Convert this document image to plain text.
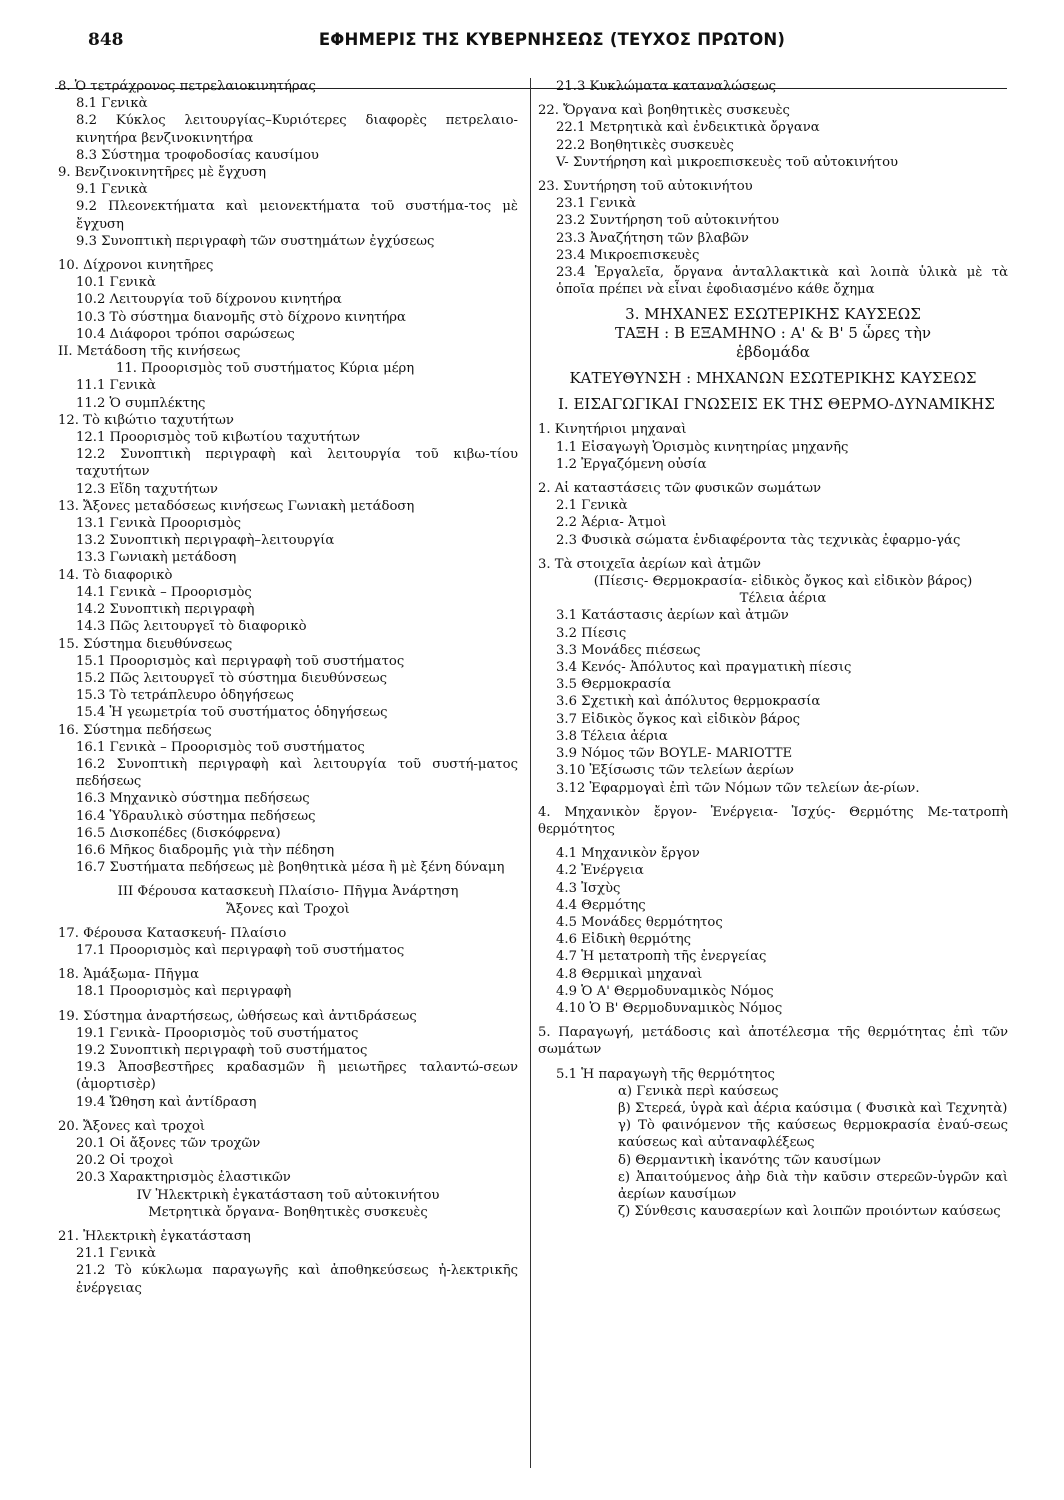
848	ΕΦΗΜΕΡΙΣ ΤΗΣ ΚΥΒΕΡΝΗΣΕΩΣ (ΤΕΥΧΟΣ ΠΡΩΤΟΝ)
8. Ὁ τετράχρονος πετρελαιοκινητήρας
8.1 Γενικὰ
8.2 Κύκλος λειτουργίας–Κυριότερες διαφορὲς πετρελαιο-κινητήρα βενζινοκινητήρα
8.3 Σύστημα τροφοδοσίας καυσίμου
9. Βενζινοκινητῆρες μὲ ἔγχυση
9.1 Γενικὰ
9.2 Πλεονεκτήματα καὶ μειονεκτήματα τοῦ συστήμα-τος μὲ ἔγχυση
9.3 Συνοπτικὴ περιγραφὴ τῶν συστημάτων ἐγχύσεως
10. Δίχρονοι κινητῆρες
10.1 Γενικὰ
10.2 Λειτουργία τοῦ δίχρονου κινητήρα
10.3 Τὸ σύστημα διανομῆς στὸ δίχρονο κινητήρα
10.4 Διάφοροι τρόποι σαρώσεως
II. Μετάδοση τῆς κινήσεως
11. Προορισμὸς τοῦ συστήματος Κύρια μέρη
11.1 Γενικὰ
11.2 Ὁ συμπλέκτης
12. Τὸ κιβώτιο ταχυτήτων
12.1 Προορισμὸς τοῦ κιβωτίου ταχυτήτων
12.2 Συνοπτικὴ περιγραφὴ καὶ λειτουργία τοῦ κιβω-τίου ταχυτήτων
12.3 Εἴδη ταχυτήτων
13. Ἄξονες μεταδόσεως κινήσεως Γωνιακὴ μετάδοση
13.1 Γενικὰ Προορισμὸς
13.2 Συνοπτικὴ περιγραφὴ–λειτουργία
13.3 Γωνιακὴ μετάδοση
14. Τὸ διαφορικὸ
14.1 Γενικὰ – Προορισμὸς
14.2 Συνοπτικὴ περιγραφὴ
14.3 Πῶς λειτουργεῖ τὸ διαφορικὸ
15. Σύστημα διευθύνσεως
15.1 Προορισμὸς καὶ περιγραφὴ τοῦ συστήματος
15.2 Πῶς λειτουργεῖ τὸ σύστημα διευθύνσεως
15.3 Τὸ τετράπλευρο ὁδηγήσεως
15.4 Ἡ γεωμετρία τοῦ συστήματος ὁδηγήσεως
16. Σύστημα πεδήσεως
16.1 Γενικὰ – Προορισμὸς τοῦ συστήματος
16.2 Συνοπτικὴ περιγραφὴ καὶ λειτουργία τοῦ συστή-ματος πεδήσεως
16.3 Μηχανικὸ σύστημα πεδήσεως
16.4 Ὑδραυλικὸ σύστημα πεδήσεως
16.5 Δισκοπέδες (δισκόφρενα)
16.6 Μῆκος διαδρομῆς γιὰ τὴν πέδηση
16.7 Συστήματα πεδήσεως μὲ βοηθητικὰ μέσα ἢ μὲ ξένη δύναμη
III Φέρουσα κατασκευὴ Πλαίσιο- Πῆγμα Ἀνάρτηση Ἄξονες καὶ Τροχοὶ
17. Φέρουσα Κατασκευή- Πλαίσιο
17.1 Προορισμὸς καὶ περιγραφὴ τοῦ συστήματος
18. Ἁμάξωμα- Πῆγμα
18.1 Προορισμὸς καὶ περιγραφὴ
19. Σύστημα ἀναρτήσεως, ὠθήσεως καὶ ἀντιδράσεως
19.1 Γενικὰ- Προορισμὸς τοῦ συστήματος
19.2 Συνοπτικὴ περιγραφὴ τοῦ συστήματος
19.3 Ἀποσβεστῆρες κραδασμῶν ἢ μειωτῆρες ταλαντώ-σεων (ἀμορτισὲρ)
19.4 Ὤθηση καὶ ἀντίδραση
20. Ἄξονες καὶ τροχοὶ
20.1 Οἱ ἄξονες τῶν τροχῶν
20.2 Οἱ τροχοὶ
20.3 Χαρακτηρισμὸς ἐλαστικῶν
IV Ἠλεκτρικὴ ἐγκατάσταση τοῦ αὐτοκινήτου Μετρητικὰ ὄργανα- Βοηθητικὲς συσκευὲς
21. Ἠλεκτρικὴ ἐγκατάσταση
21.1 Γενικὰ
21.2 Τὸ κύκλωμα παραγωγῆς καὶ ἀποθηκεύσεως ἠ-λεκτρικῆς ἐνέργειας
21.3 Κυκλώματα καταναλώσεως
22. Ὄργανα καὶ βοηθητικὲς συσκευὲς
22.1 Μετρητικὰ καὶ ἐνδεικτικὰ ὄργανα
22.2 Βοηθητικὲς συσκευὲς
V- Συντήρηση καὶ μικροεπισκευὲς τοῦ αὐτοκινήτου
23. Συντήρηση τοῦ αὐτοκινήτου
23.1 Γενικὰ
23.2 Συντήρηση τοῦ αὐτοκινήτου
23.3 Ἀναζήτηση τῶν βλαβῶν
23.4 Μικροεπισκευὲς
23.4 Ἐργαλεῖα, ὄργανα ἀνταλλακτικὰ καὶ λοιπὰ ὑλικὰ μὲ τὰ ὁποῖα πρέπει νὰ εἶναι ἐφοδιασμένο κάθε ὄχημα
3. ΜΗΧΑΝΕΣ ΕΣΩΤΕΡΙΚΗΣ ΚΑΥΣΕΩΣ
ΤΑΞΗ : Β ΕΞΑΜΗΝΟ : Α' & Β' 5 ὧρες τὴν ἑβδομάδα
ΚΑΤΕΥΘΥΝΣΗ : ΜΗΧΑΝΩΝ ΕΣΩΤΕΡΙΚΗΣ ΚΑΥΣΕΩΣ
Ι. ΕΙΣΑΓΩΓΙΚΑΙ ΓΝΩΣΕΙΣ ΕΚ ΤΗΣ ΘΕΡΜΟ-ΔΥΝΑΜΙΚΗΣ
1. Κινητήριοι μηχαναὶ
1.1 Εἰσαγωγὴ Ὁρισμὸς κινητηρίας μηχανῆς
1.2 Ἐργαζόμενη οὐσία
2. Αἱ καταστάσεις τῶν φυσικῶν σωμάτων
2.1 Γενικὰ
2.2 Ἀέρια- Ἀτμοὶ
2.3 Φυσικὰ σώματα ἐνδιαφέροντα τὰς τεχνικὰς ἐφαρμο-γάς
3. Τὰ στοιχεῖα ἀερίων καὶ ἀτμῶν
(Πίεσις- Θερμοκρασία- εἰδικὸς ὄγκος καὶ εἰδικὸν βάρος) Τέλεια ἀέρια
3.1 Κατάστασις ἀερίων καὶ ἀτμῶν
3.2 Πίεσις
3.3 Μονάδες πιέσεως
3.4 Κενός- Ἀπόλυτος καὶ πραγματικὴ πίεσις
3.5 Θερμοκρασία
3.6 Σχετικὴ καὶ ἀπόλυτος θερμοκρασία
3.7 Εἰδικὸς ὄγκος καὶ εἰδικὸν βάρος
3.8 Τέλεια ἀέρια
3.9 Νόμος τῶν BOYLE- MARIOTTE
3.10 Ἐξίσωσις τῶν τελείων ἀερίων
3.12 Ἐφαρμογαὶ ἐπὶ τῶν Νόμων τῶν τελείων ἀε-ρίων.
4. Μηχανικὸν ἔργον- Ἐνέργεια- Ἰσχύς- Θερμότης Με-τατροπὴ θερμότητος
4.1 Μηχανικὸν ἔργον
4.2 Ἐνέργεια
4.3 Ἰσχὺς
4.4 Θερμότης
4.5 Μονάδες θερμότητος
4.6 Εἰδικὴ θερμότης
4.7 Ἡ μετατροπὴ τῆς ἐνεργείας
4.8 Θερμικαὶ μηχαναὶ
4.9 Ὁ Α' Θερμοδυναμικὸς Νόμος
4.10 Ὁ Β' Θερμοδυναμικὸς Νόμος
5. Παραγωγή, μετάδοσις καὶ ἀποτέλεσμα τῆς θερμότητας ἐπὶ τῶν σωμάτων
5.1 Ἡ παραγωγὴ τῆς θερμότητος
α) Γενικὰ περὶ καύσεως
β) Στερεά, ὑγρὰ καὶ ἀέρια καύσιμα ( Φυσικὰ καὶ Τεχνητὰ)
γ) Τὸ φαινόμενον τῆς καύσεως θερμοκρασία ἐναύ-σεως καύσεως καὶ αὐταναφλέξεως
δ) Θερμαντικὴ ἱκανότης τῶν καυσίμων
ε) Ἀπαιτούμενος ἀὴρ διὰ τὴν καῦσιν στερεῶν-ὑγρῶν καὶ ἀερίων καυσίμων
ζ) Σύνθεσις καυσαερίων καὶ λοιπῶν προιόντων καύσεως
